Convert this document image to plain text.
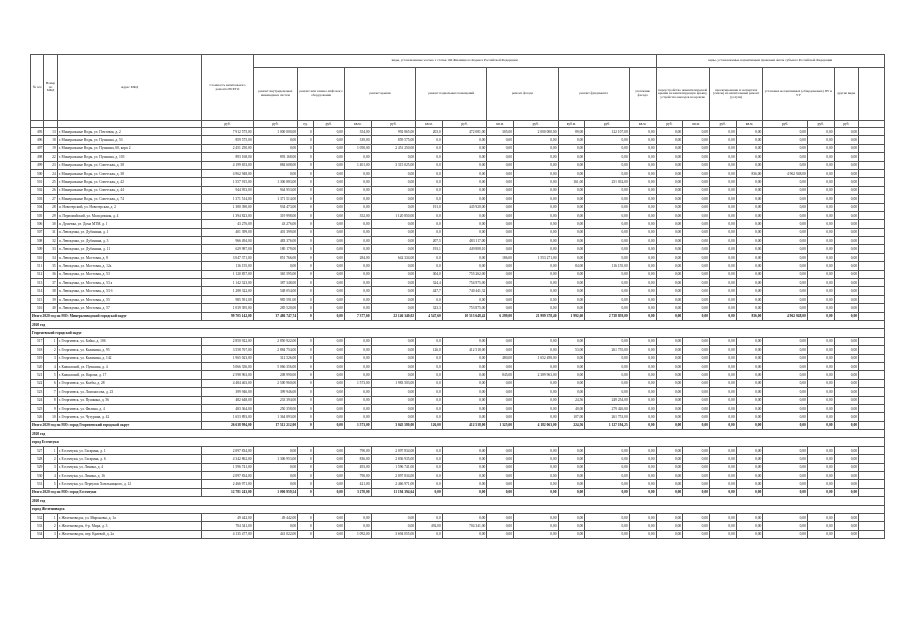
№ п/п	Номер по МКД	Адрес МКД	Стоимость капитального ремонта ВСЕГО	виды, установленные частью 1 статьи 166 Жилищного Кодекса Российской Федерации												виды, установленные нормативным правовым актом субъекта Российской Федерации							
				ремонт внутридомовых инженерных систем	ремонт или замена лифтового оборудования		ремонт крыши		ремонт подвальных помещений		ремонт фасада		ремонт фундамента		утепление фасада	переустройство невентилируемой крыши на вентилируемую крышу, устройство выходов на кровлю		проектирование и экспертиза (сметы) на капитальный ремонт (услуги)		установка коллективных (общедомовых) ПУ и УУ		другие виды	
			руб.	руб.	ед.	руб.	кв.м.	руб.	кв.м.	руб.	кв.м.	руб.	куб.м.	руб.	кв.м.	руб.	кв.м.	руб.	кв.м.	руб.	руб.	руб.	
495	13	г. Минеральные Воды, ул. Почтовая, д. 2	7 912 575,00	1 000 000,00	0	0,00	354,00	992 865,00	203,0	472 081,00	305,00	2 000 000,00	89,00	122 107,00	0,00	0,00	0,00	0,00	0,00	0,00	0,00	0,00	
496	18	г. Минеральные Воды, ул. Пушкина, д. 53	859 575,00	0,00	0	0,00	339,00	859 575,00	0,0	0,00	0,00	0,00	0,00	0,00	0,00	0,00	0,00	0,00	0,00	0,00	0,00	0,00	
497	19	г. Минеральные Воды, ул. Пушкина, 60, корп 2	2 451 250,00	0,00	0	0,00	1 050,00	2 451 250,00	0,0	0,00	0,00	0,00	0,00	0,00	0,00	0,00	0,00	0,00	0,00	0,00	0,00	0,00	
498	22	г. Минеральные Воды, ул. Пушкина, д. 103	893 168,00	893 168,00	0	0,00	0,00	0,00	0,0	0,00	0,00	0,00	0,00	0,00	0,00	0,00	0,00	0,00	0,00	0,00	0,00	0,00	
499	23	г. Минеральные Воды, ул. Советская, д. 38	4 199 653,00	884 608,00	0	0,00	1 401,00	3 315 025,00	0,0	0,00	0,00	0,00	0,00	0,00	0,00	0,00	0,00	0,00	0,00	0,00	0,00	0,00	
500	24	г. Минеральные Воды, ул. Советская, д. 38	4 962 948,00	0,00	0	0,00	0,00	0,00	0,0	0,00	0,00	0,00	0,00	0,00	0,00	0,00	0,00	0,00	836,00	4 962 948,00	0,00	0,00	
501	25	г. Минеральные Воды, ул. Советская, д. 42	1 557 915,00	1 306 883,00	0	0,00	0,00	0,00	0,0	0,00	0,00	0,00	161,00	251 032,00	0,00	0,00	0,00	0,00	0,00	0,00	0,00	0,00	
502	26	г. Минеральные Воды, ул. Советская, д. 44	944 953,00	944 953,00	0	0,00	0,00	0,00	0,0	0,00	0,00	0,00	0,00	0,00	0,00	0,00	0,00	0,00	0,00	0,00	0,00	0,00	
503	27	г. Минеральные Воды, ул. Советская, д. 74	1 371 514,00	1 371 514,00	0	0,00	0,00	0,00	0,0	0,00	0,00	0,00	0,00	0,00	0,00	0,00	0,00	0,00	0,00	0,00	0,00	0,00	
504	28	п. Новотерский, ул. Новотерская, д. 2	1 380 390,00	934 473,00	0	0,00	0,00	0,00	191,0	445 920,00	0,00	0,00	0,00	0,00	0,00	0,00	0,00	0,00	0,00	0,00	0,00	0,00	
505	29	п. Первомайский, ул. Молодежная, д. 4	1 394 823,00	319 998,00	0	0,00	352,00	1 120 850,00	0,0	0,00	0,00	0,00	0,00	0,00	0,00	0,00	0,00	0,00	0,00	0,00	0,00	0,00	
506	30	п. Душевка, ул. Дома МТМ, д. 1	43 276,00	43 276,00	0	0,00	0,00	0,00	0,0	0,00	0,00	0,00	0,00	0,00	0,00	0,00	0,00	0,00	0,00	0,00	0,00	0,00	
507	31	п. Левокумка, ул. Дубинина, д. 1	401 399,00	401 399,00	0	0,00	0,00	0,00	0,0	0,00	0,00	0,00	0,00	0,00	0,00	0,00	0,00	0,00	0,00	0,00	0,00	0,00	
508	32	п. Левокумка, ул. Дубинина, д. 3	966 494,00	483 376,00	0	0,00	0,00	0,00	207,5	483 117,00	0,00	0,00	0,00	0,00	0,00	0,00	0,00	0,00	0,00	0,00	0,00	0,00	
509	33	п. Левокумка, ул. Дубинина, д. 11	629 987,00	180 179,00	0	0,00	0,00	0,00	193,1	449 808,10	0,00	0,00	0,00	0,00	0,00	0,00	0,00	0,00	0,00	0,00	0,00	0,00	
510	34	п. Левокумка, ул. Мостовая, д. 8	3 047 371,00	851 766,00	0	0,00	284,00	642 334,00	0,0	0,00	186,00	1 553 271,00	0,00	0,00	0,00	0,00	0,00	0,00	0,00	0,00	0,00	0,00	
511	35	п. Левокумка, ул. Мостовая, д. 12а	116 155,00	0,00	0	0,00	0,00	0,00	0,0	0,00	0,00	0,00	84,00	116 155,00	0,00	0,00	0,00	0,00	0,00	0,00	0,00	0,00	
512	36	п. Левокумка, ул. Мостовая, д. 53	1 120 857,00	365 595,00	0	0,00	0,00	0,00	304,0	755 262,00	0,00	0,00	0,00	0,00	0,00	0,00	0,00	0,00	0,00	0,00	0,00	0,00	
513	37	п. Левокумка, ул. Мостовая, д. 53 а	1 142 323,00	387 348,00	0	0,00	0,00	0,00	324,4	754 975,00	0,00	0,00	0,00	0,00	0,00	0,00	0,00	0,00	0,00	0,00	0,00	0,00	
514	38	п. Левокумка, ул. Мостовая, д. 53 б	1 288 322,00	548 054,00	0	0,00	0,00	0,00	447,7	740 441,32	0,00	0,00	0,00	0,00	0,00	0,00	0,00	0,00	0,00	0,00	0,00	0,00	
515	39	п. Левокумка, ул. Мостовая, д. 55	985 591,00	985 591,00	0	0,00	0,00	0,00	0,0	0,00	0,00	0,00	0,00	0,00	0,00	0,00	0,00	0,00	0,00	0,00	0,00	0,00	
516	40	п. Левокумка, ул. Мостовая, д. 57	1 039 395,00	285 520,00	0	0,00	0,00	0,00	323,3	753 875,00	0,00	0,00	0,00	0,00	0,00	0,00	0,00	0,00	0,00	0,00	0,00	0,00	
Итого 2020 год по МО: Минераловодский городской округ			99 705 142,00	37 486 747,74	0	0,00	7 377,60	22 146 340,02	4 547,60	10 513 648,42	6 299,00	21 999 378,40	1 992,60	2 738 859,00	0,00	0,00	0,00	0,00	836,00	4 962 948,00	0,00	0,00	
2020 год																							
Георгиевский городской округ																							
517	1	г. Георгиевск, ул. Бойко, д. 106	2 850 922,00	2 850 922,00	0	0,00	0,00	0,00	0,0	0,00	0,00	0,00	0,00	0,00	0,00	0,00	0,00	0,00	0,00	0,00	0,00	0,00	
518	2	г. Георгиевск, ул. Калинина, д. 95	3 558 767,00	2 884 754,00	0	0,00	0,00	0,00	126,0	412 518,00	0,00	0,00	53,00	261 755,00	0,00	0,00	0,00	0,00	0,00	0,00	0,00	0,00	
519	3	г. Георгиевск, ул. Калинина, д. 142	1 965 023,00	312 526,00	0	0,00	0,00	0,00	0,0	0,00	480,00	1 652 498,00	0,00	0,00	0,00	0,00	0,00	0,00	0,00	0,00	0,00	0,00	
520	4	г. Кавказский, ул. Пушкина, д. 4	5 066 356,00	5 066 356,00	0	0,00	0,00	0,00	0,0	0,00	0,00	0,00	0,00	0,00	0,00	0,00	0,00	0,00	0,00	0,00	0,00	0,00	
521	5	г. Кавказский, ул. Кирова, д. 17	2 598 963,00	208 990,00	0	0,00	0,00	0,00	0,0	0,00	845,00	2 389 963,00	0,00	0,00	0,00	0,00	0,00	0,00	0,00	0,00	0,00	0,00	
522	6	г. Георгиевск, ул. Колбы, д. 28	4 484 463,00	2 500 960,00	0	0,00	1 573,00	1 983 503,00	0,0	0,00	0,00	0,00	0,00	0,00	0,00	0,00	0,00	0,00	0,00	0,00	0,00	0,00	
523	7	г. Георгиевск, ул. Ломоносова, д. 23	399 946,00	399 946,00	0	0,00	0,00	0,00	0,0	0,00	0,00	0,00	0,00	0,00	0,00	0,00	0,00	0,00	0,00	0,00	0,00	0,00	
524	8	г. Георгиевск, ул. Пушкина, д. 56	482 648,00	233 394,00	0	0,00	0,00	0,00	0,0	0,00	0,00	0,00	24,56	249 254,00	0,00	0,00	0,00	0,00	0,00	0,00	0,00	0,00	
525	9	г. Георгиевск, ул. Филина, д. 4	483 364,00	250 358,00	0	0,00	0,00	0,00	0,0	0,00	0,00	0,00	40,00	279 426,00	0,00	0,00	0,00	0,00	0,00	0,00	0,00	0,00	
526	10	г. Георгиевск, ул. Чугурина, д. 42	1 653 893,00	1 364 893,00	0	0,00	0,00	0,00	0,0	0,00	0,00	0,00	107,00	261 753,00	0,00	0,00	0,00	0,00	0,00	0,00	0,00	0,00	
Итого 2020 год по МО: город Георгиевский городской округ			26 638 994,00	17 512 212,00	0	0,00	1 573,00	3 045 580,00	126,00	412 518,00	1 325,00	4 182 063,00	224,56	1 127 194,25	0,00	0,00	0,00	0,00	0,00	0,00	0,00	0,00	
2020 год																							
город Ессентуки																							
527	1	г. Ессентуки, ул. Гагарина, д. 1	2 097 834,00	0,00	0	0,00	790,00	2 097 834,00	0,0	0,00	0,00	0,00	0,00	0,00	0,00	0,00	0,00	0,00	0,00	0,00	0,00	0,00	
528	2	г. Ессентуки, ул. Гагарина, д. 6	4 342 862,00	1 306 953,00	0	0,00	836,00	2 836 935,00	0,0	0,00	0,00	0,00	0,00	0,00	0,00	0,00	0,00	0,00	0,00	0,00	0,00	0,00	
529	3	г. Ессентуки, ул. Ленина, д. 4	1 596 741,00	0,00	0	0,00	493,00	1 596 741,00	0,0	0,00	0,00	0,00	0,00	0,00	0,00	0,00	0,00	0,00	0,00	0,00	0,00	0,00	
530	4	г. Ессентуки, ул. Ленина, д. 16	2 097 834,00	0,00	0	0,00	790,00	2 097 834,00	0,0	0,00	0,00	0,00	0,00	0,00	0,00	0,00	0,00	0,00	0,00	0,00	0,00	0,00	
531	5	г. Ессентуки, ул. Переулок Хмельницкого, д. 12	2 466 971,00	0,00	0	0,00	421,00	2 466 971,00	0,0	0,00	0,00	0,00	0,00	0,00	0,00	0,00	0,00	0,00	0,00	0,00	0,00	0,00	
Итого 2020 год по МО: город Ессентуки			12 781 243,00	1 006 959,54	0	0,00	3 270,00	11 194 394,64	0,00	0,00	0,00	0,00	0,00	0,00	0,00	0,00	0,00	0,00	0,00	0,00	0,00	0,00	
2020 год																							
город Железноводск																							
532	1	г. Железноводск, ул. Мироновы, д. 1а	49 442,00	49 442,00	0	0,00	0,00	0,00	0,0	0,00	0,00	0,00	0,00	0,00	0,00	0,00	0,00	0,00	0,00	0,00	0,00	0,00	
533	2	г. Железноводск, б-р. Мира, д. 3	704 341,00	0,00	0	0,00	0,00	0,00	492,00	704 341,00	0,00	0,00	0,00	0,00	0,00	0,00	0,00	0,00	0,00	0,00	0,00	0,00	
534	3	г. Железноводск, пер. Краевой, д. 2а	4 135 477,00	441 022,00	0	0,00	1 092,00	3 694 055,00	0,0	0,00	0,00	0,00	0,00	0,00	0,00	0,00	0,00	0,00	0,00	0,00	0,00	0,00	
